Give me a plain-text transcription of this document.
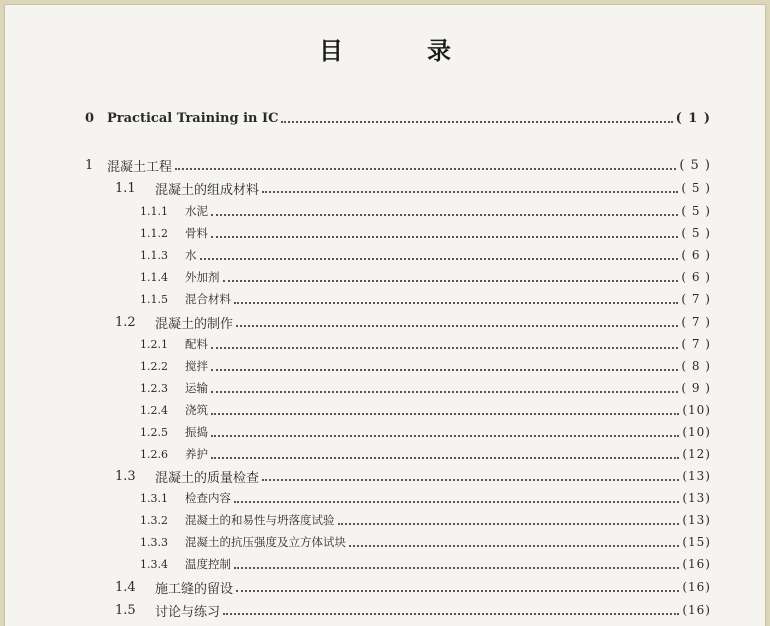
目　录
0 Practical Training in IC	( 1 )
1	混凝土工程	( 5 )
1.1	混凝土的组成材料	( 5 )
1.1.1	水泥	( 5 )
1.1.2	骨料	( 5 )
1.1.3	水	( 6 )
1.1.4	外加剂	( 6 )
1.1.5	混合材料	( 7 )
1.2	混凝土的制作	( 7 )
1.2.1	配料	( 7 )
1.2.2	搅拌	( 8 )
1.2.3	运输	( 9 )
1.2.4	浇筑	(10)
1.2.5	振捣	(10)
1.2.6	养护	(12)
1.3	混凝土的质量检查	(13)
1.3.1	检查内容	(13)
1.3.2	混凝土的和易性与坍落度试验	(13)
1.3.3	混凝土的抗压强度及立方体试块	(15)
1.3.4	温度控制	(16)
1.4	施工缝的留设	(16)
1.5	讨论与练习	(16)
